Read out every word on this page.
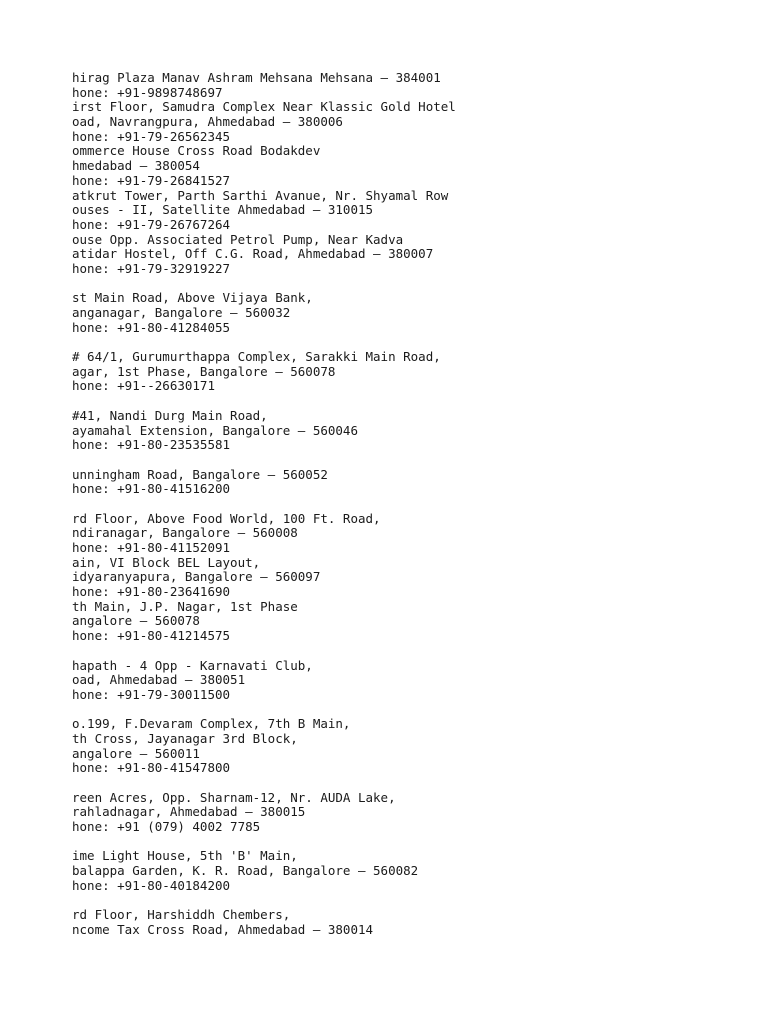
hirag Plaza Manav Ashram Mehsana Mehsana – 384001
hone: +91-9898748697
irst Floor, Samudra Complex Near Klassic Gold Hotel
oad, Navrangpura, Ahmedabad – 380006
hone: +91-79-26562345
ommerce House Cross Road Bodakdev
hmedabad – 380054
hone: +91-79-26841527
atkrut Tower, Parth Sarthi Avanue, Nr. Shyamal Row
ouses - II, Satellite Ahmedabad – 310015
hone: +91-79-26767264
ouse Opp. Associated Petrol Pump, Near Kadva
atidar Hostel, Off C.G. Road, Ahmedabad – 380007
hone: +91-79-32919227
st Main Road, Above Vijaya Bank,
anganagar, Bangalore – 560032
hone: +91-80-41284055
# 64/1, Gurumurthappa Complex, Sarakki Main Road,
agar, 1st Phase, Bangalore – 560078
hone: +91--26630171
#41, Nandi Durg Main Road,
ayamahal Extension, Bangalore – 560046
hone: +91-80-23535581
unningham Road, Bangalore – 560052
hone: +91-80-41516200
rd Floor, Above Food World, 100 Ft. Road,
ndiranagar, Bangalore – 560008
hone: +91-80-41152091
ain, VI Block BEL Layout,
idyaranyapura, Bangalore – 560097
hone: +91-80-23641690
th Main, J.P. Nagar, 1st Phase
angalore – 560078
hone: +91-80-41214575
hapath - 4 Opp - Karnavati Club,
oad, Ahmedabad – 380051
hone: +91-79-30011500
o.199, F.Devaram Complex, 7th B Main,
th Cross, Jayanagar 3rd Block,
angalore – 560011
hone: +91-80-41547800
reen Acres, Opp. Sharnam-12, Nr. AUDA Lake,
rahladnagar, Ahmedabad – 380015
hone: +91 (079) 4002 7785
ime Light House, 5th 'B' Main,
balappa Garden, K. R. Road, Bangalore – 560082
hone: +91-80-40184200
rd Floor, Harshiddh Chembers,
ncome Tax Cross Road, Ahmedabad – 380014
